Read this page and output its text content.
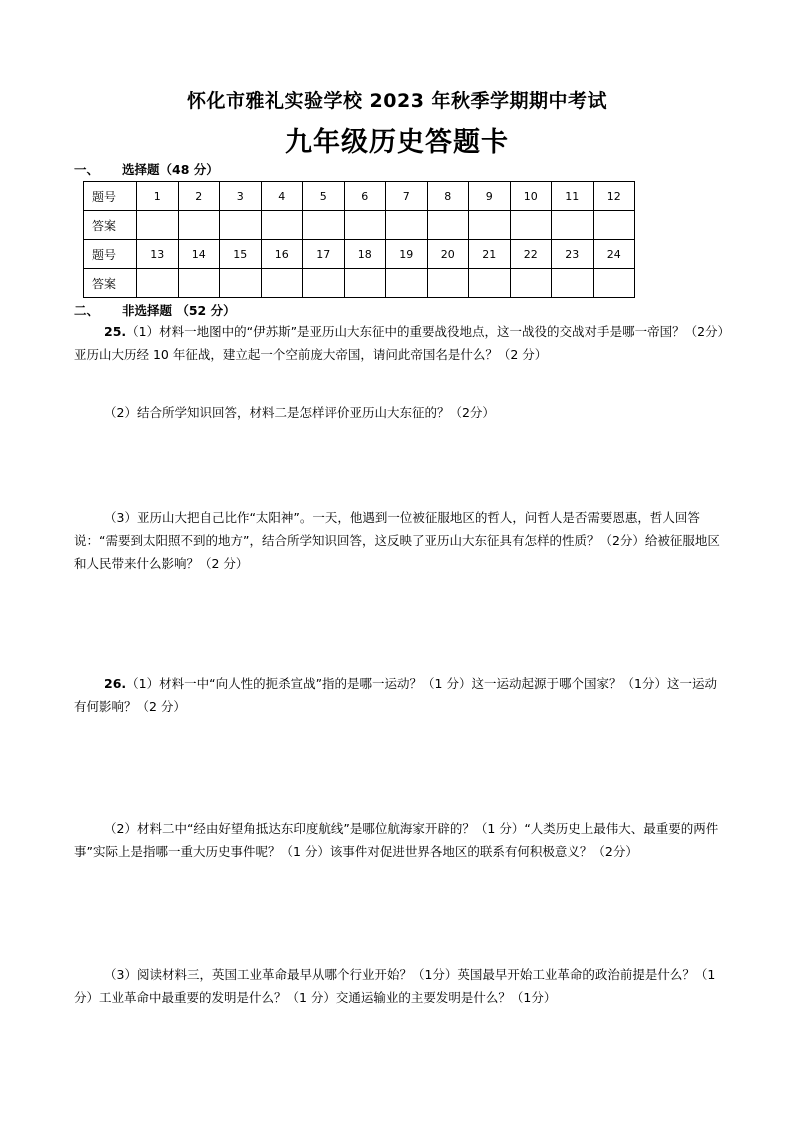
怀化市雅礼实验学校 2023 年秋季学期期中考试
九年级历史答题卡
一、 选择题（48 分）
题号	1	2	3	4	5	6	7	8	9	10	11	12
答案												
题号	13	14	15	16	17	18	19	20	21	22	23	24
答案												
二、 非选择题 （52 分）
25.（1）材料一地图中的“伊苏斯”是亚历山大东征中的重要战役地点，这一战役的交战对手是哪一帝国？（2分）亚历山大历经 10 年征战，建立起一个空前庞大帝国，请问此帝国名是什么？（2 分）
（2）结合所学知识回答，材料二是怎样评价亚历山大东征的？（2分）
（3）亚历山大把自己比作“太阳神”。一天，他遇到一位被征服地区的哲人，问哲人是否需要恩惠，哲人回答说：“需要到太阳照不到的地方”，结合所学知识回答，这反映了亚历山大东征具有怎样的性质？（2分）给被征服地区和人民带来什么影响？（2 分）
26.（1）材料一中“向人性的扼杀宣战”指的是哪一运动？（1 分）这一运动起源于哪个国家？（1分）这一运动有何影响？（2 分）
（2）材料二中“经由好望角抵达东印度航线”是哪位航海家开辟的？（1 分）“人类历史上最伟大、最重要的两件事”实际上是指哪一重大历史事件呢？（1 分）该事件对促进世界各地区的联系有何积极意义？（2分）
（3）阅读材料三，英国工业革命最早从哪个行业开始？（1分）英国最早开始工业革命的政治前提是什么？（1 分）工业革命中最重要的发明是什么？（1 分）交通运输业的主要发明是什么？（1分）
